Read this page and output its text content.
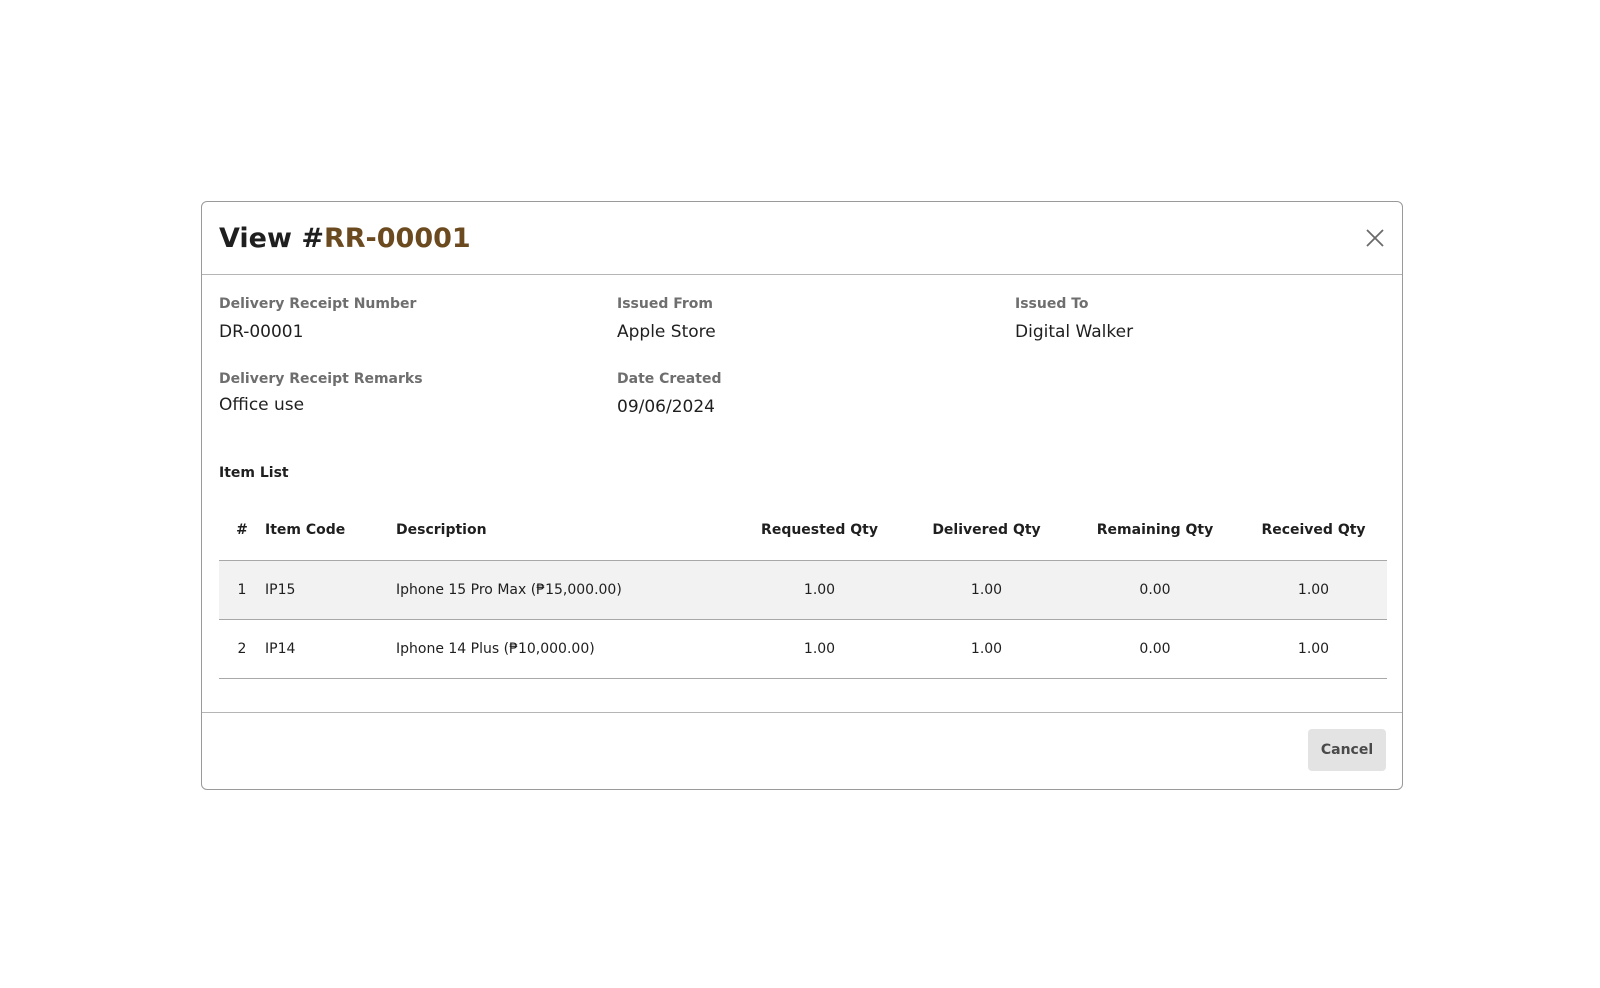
View #RR-00001
Delivery Receipt Number
DR-00001
Issued From
Apple Store
Issued To
Digital Walker
Delivery Receipt Remarks
Office use
Date Created
09/06/2024
Item List
#	Item Code	Description	Requested Qty	Delivered Qty	Remaining Qty	Received Qty
1	IP15	Iphone 15 Pro Max (₱15,000.00)	1.00	1.00	0.00	1.00
2	IP14	Iphone 14 Plus (₱10,000.00)	1.00	1.00	0.00	1.00
Cancel
